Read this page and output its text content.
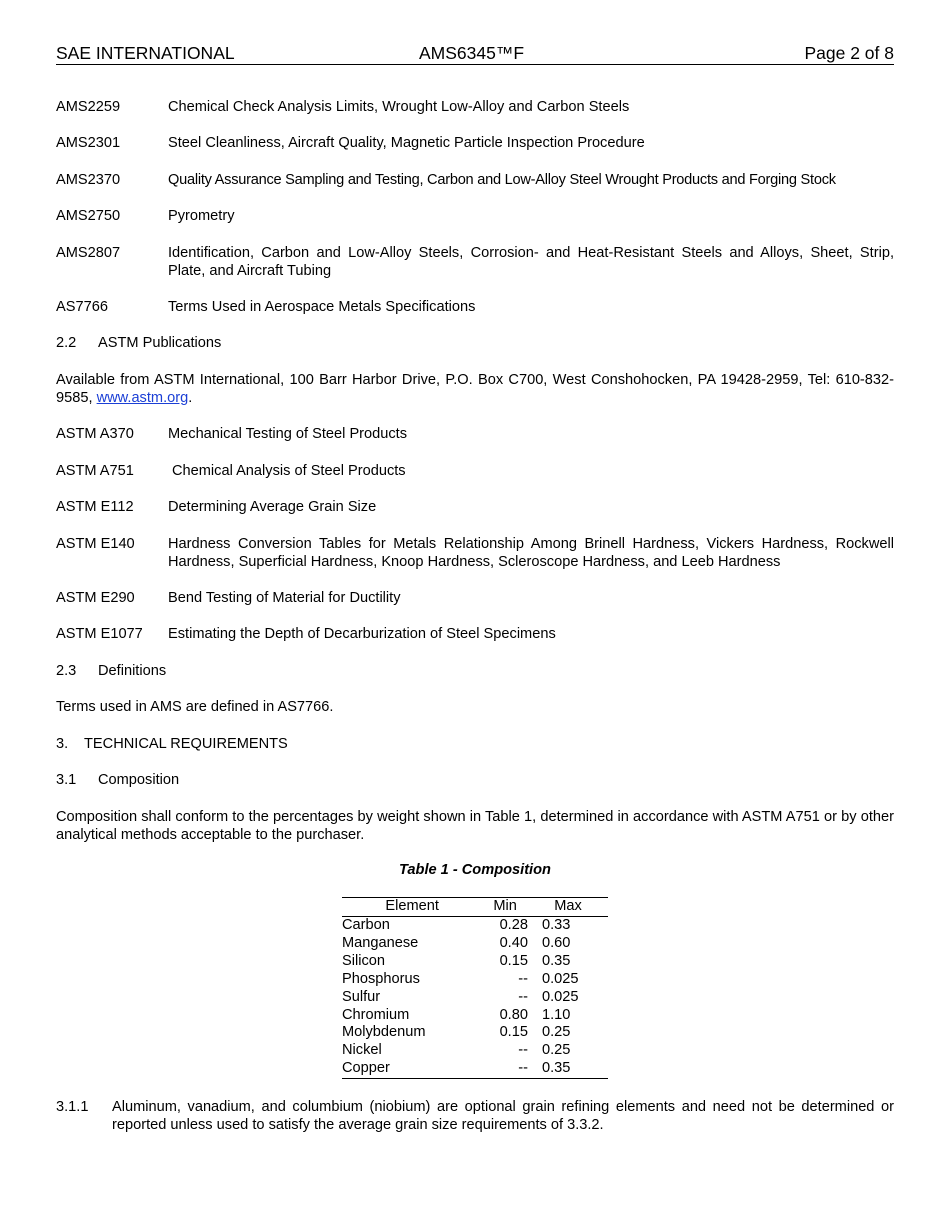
SAE INTERNATIONAL	AMS6345™F	Page 2 of 8
AMS2259	Chemical Check Analysis Limits, Wrought Low-Alloy and Carbon Steels
AMS2301	Steel Cleanliness, Aircraft Quality, Magnetic Particle Inspection Procedure
AMS2370	Quality Assurance Sampling and Testing, Carbon and Low-Alloy Steel Wrought Products and Forging Stock
AMS2750	Pyrometry
AMS2807	Identification, Carbon and Low-Alloy Steels, Corrosion- and Heat-Resistant Steels and Alloys, Sheet, Strip, Plate, and Aircraft Tubing
AS7766	Terms Used in Aerospace Metals Specifications
2.2 ASTM Publications
Available from ASTM International, 100 Barr Harbor Drive, P.O. Box C700, West Conshohocken, PA 19428-2959, Tel: 610-832-9585, www.astm.org.
ASTM A370 Mechanical Testing of Steel Products
ASTM A751	Chemical Analysis of Steel Products
ASTM E112 Determining Average Grain Size
ASTM E140 Hardness Conversion Tables for Metals Relationship Among Brinell Hardness, Vickers Hardness, Rockwell Hardness, Superficial Hardness, Knoop Hardness, Scleroscope Hardness, and Leeb Hardness
ASTM E290 Bend Testing of Material for Ductility
ASTM E1077 Estimating the Depth of Decarburization of Steel Specimens
2.3 Definitions
Terms used in AMS are defined in AS7766.
3. TECHNICAL REQUIREMENTS
3.1 Composition
Composition shall conform to the percentages by weight shown in Table 1, determined in accordance with ASTM A751 or by other analytical methods acceptable to the purchaser.
Table 1 - Composition
Element	Min	Max
Carbon	0.28	0.33
Manganese	0.40	0.60
Silicon	0.15	0.35
Phosphorus	--	0.025
Sulfur	--	0.025
Chromium	0.80	1.10
Molybdenum	0.15	0.25
Nickel	--	0.25
Copper	--	0.35
3.1.1 Aluminum, vanadium, and columbium (niobium) are optional grain refining elements and need not be determined or reported unless used to satisfy the average grain size requirements of 3.3.2.
